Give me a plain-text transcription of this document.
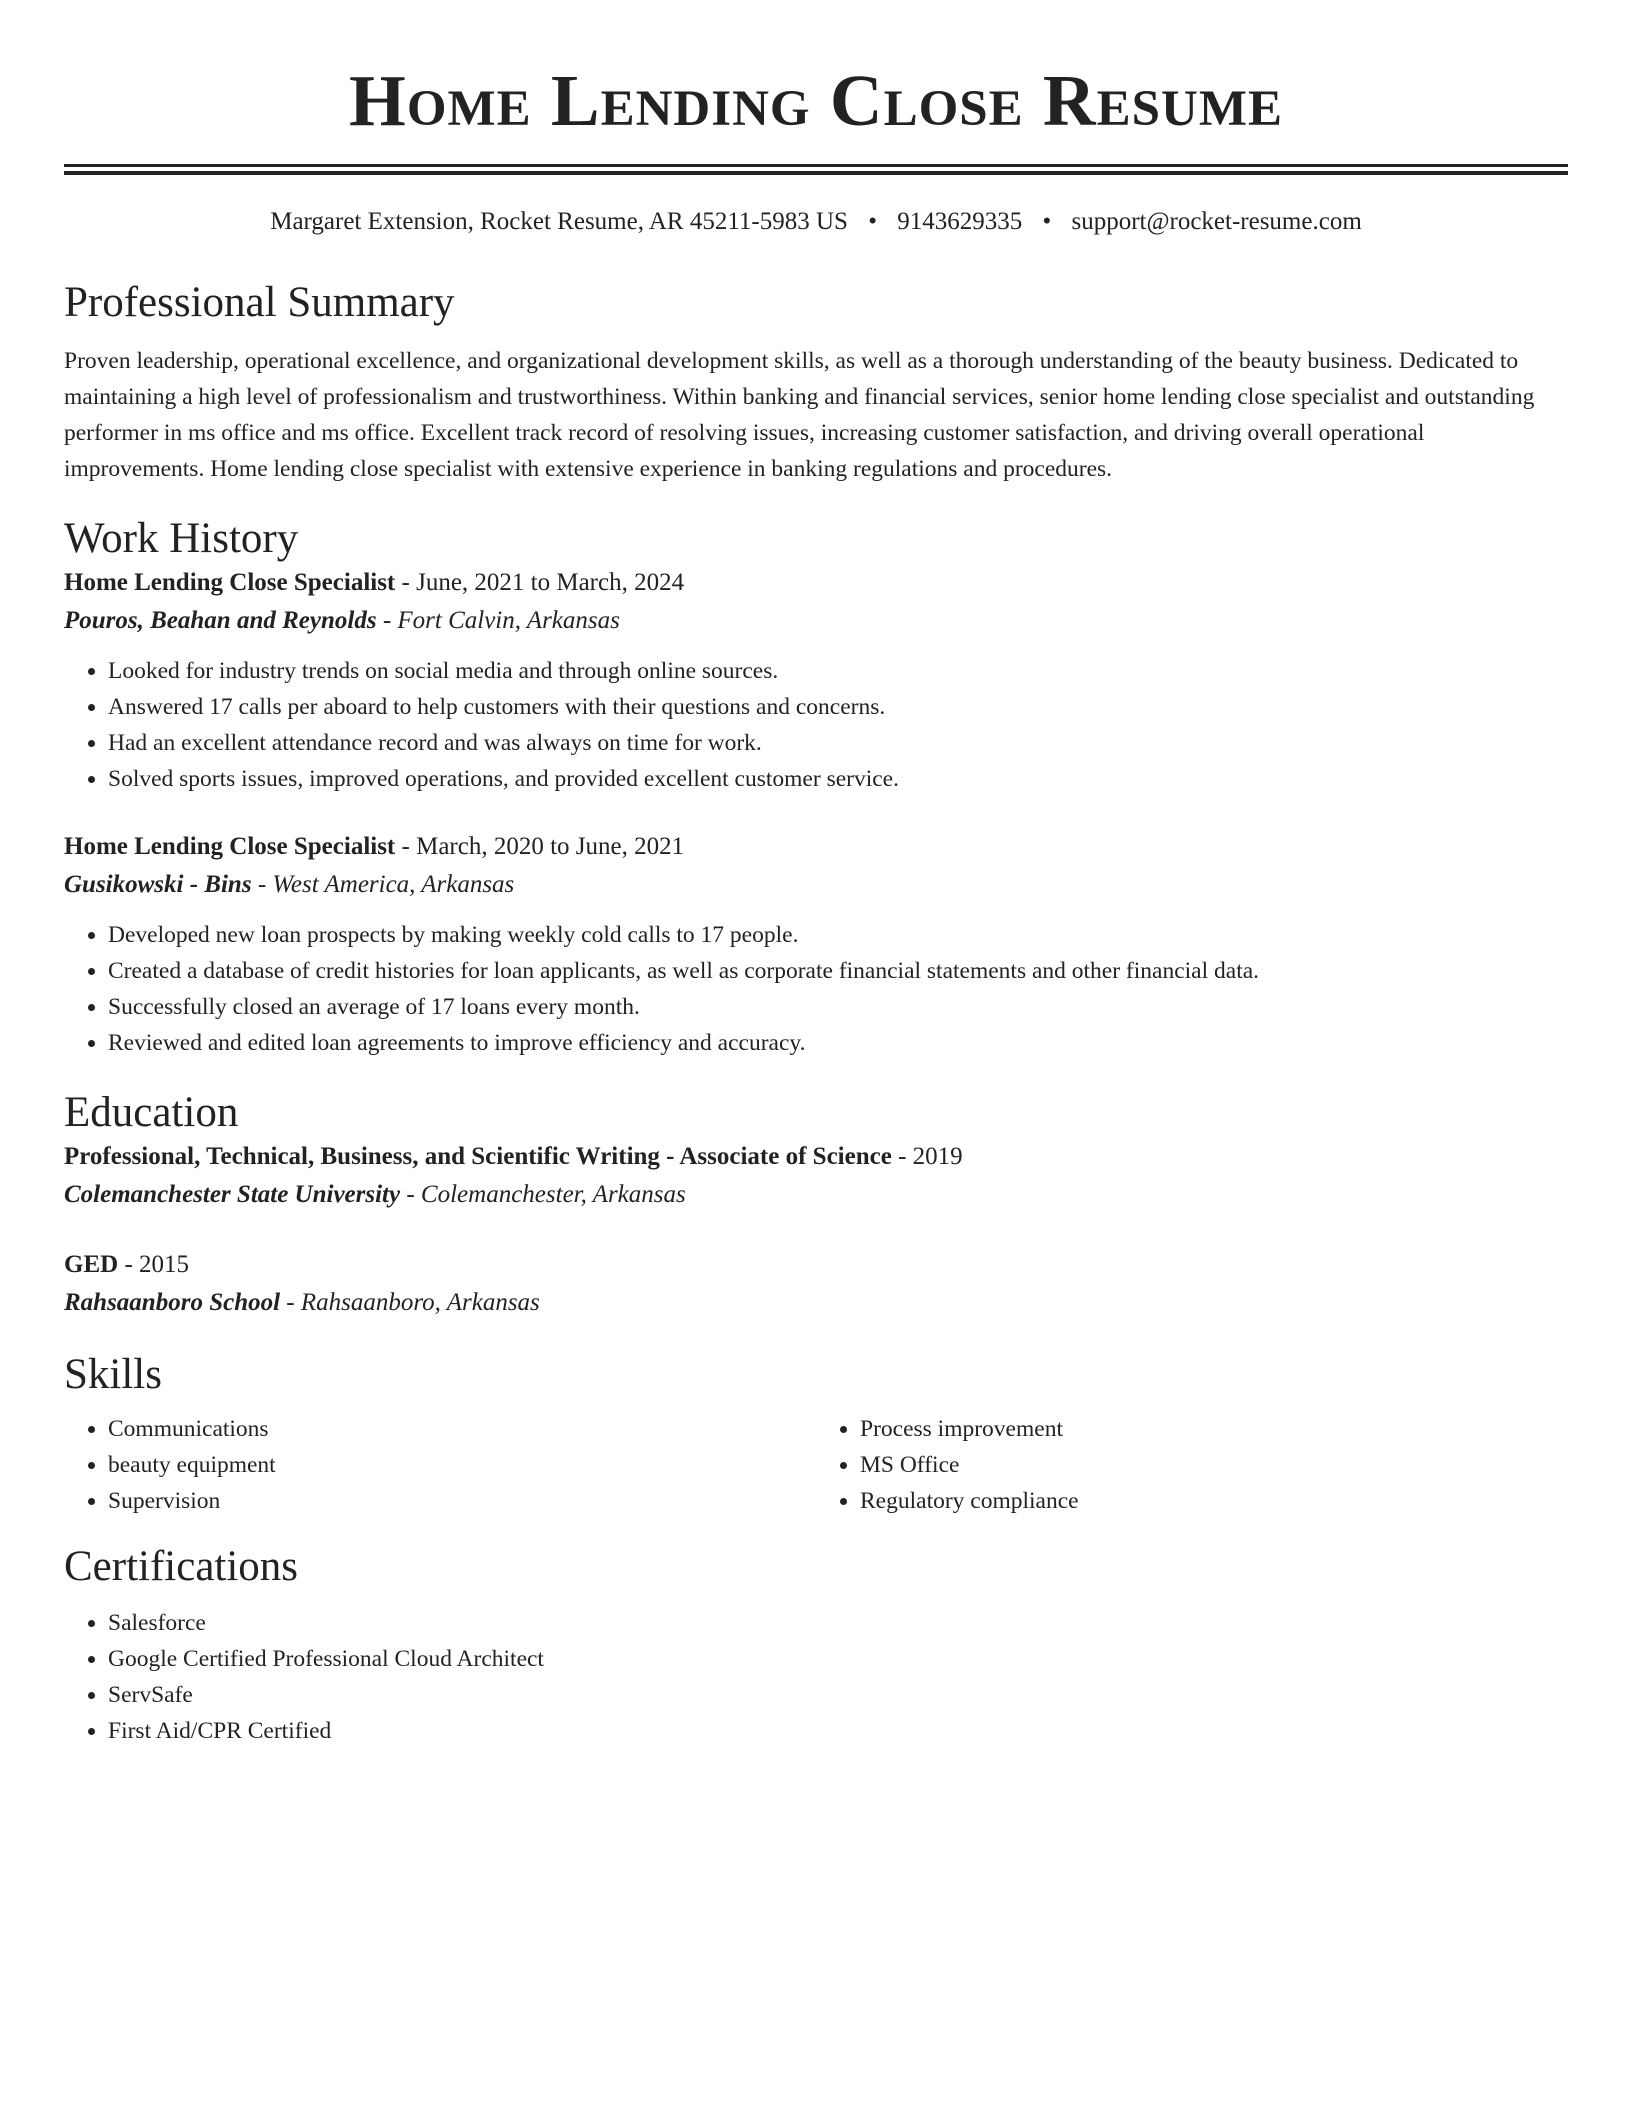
Home Lending Close Resume
Margaret Extension, Rocket Resume, AR 45211-5983 US • 9143629335 • support@rocket-resume.com
Professional Summary

Proven leadership, operational excellence, and organizational development skills, as well as a thorough understanding of the beauty business. Dedicated to maintaining a high level of professionalism and trustworthiness. Within banking and financial services, senior home lending close specialist and outstanding performer in ms office and ms office. Excellent track record of resolving issues, increasing customer satisfaction, and driving overall operational improvements. Home lending close specialist with extensive experience in banking regulations and procedures.

Work History
Home Lending Close Specialist - June, 2021 to March, 2024
Pouros, Beahan and Reynolds - Fort Calvin, Arkansas
• Looked for industry trends on social media and through online sources.
• Answered 17 calls per aboard to help customers with their questions and concerns.
• Had an excellent attendance record and was always on time for work.
• Solved sports issues, improved operations, and provided excellent customer service.
Home Lending Close Specialist - March, 2020 to June, 2021
Gusikowski - Bins - West America, Arkansas
• Developed new loan prospects by making weekly cold calls to 17 people.
• Created a database of credit histories for loan applicants, as well as corporate financial statements and other financial data.
• Successfully closed an average of 17 loans every month.
• Reviewed and edited loan agreements to improve efficiency and accuracy.
Education
Professional, Technical, Business, and Scientific Writing - Associate of Science - 2019
Colemanchester State University - Colemanchester, Arkansas
GED - 2015
Rahsaanboro School - Rahsaanboro, Arkansas
Skills
• Communications
• beauty equipment
• Supervision
• Process improvement
• MS Office
• Regulatory compliance
Certifications
• Salesforce
• Google Certified Professional Cloud Architect
• ServSafe
• First Aid/CPR Certified
